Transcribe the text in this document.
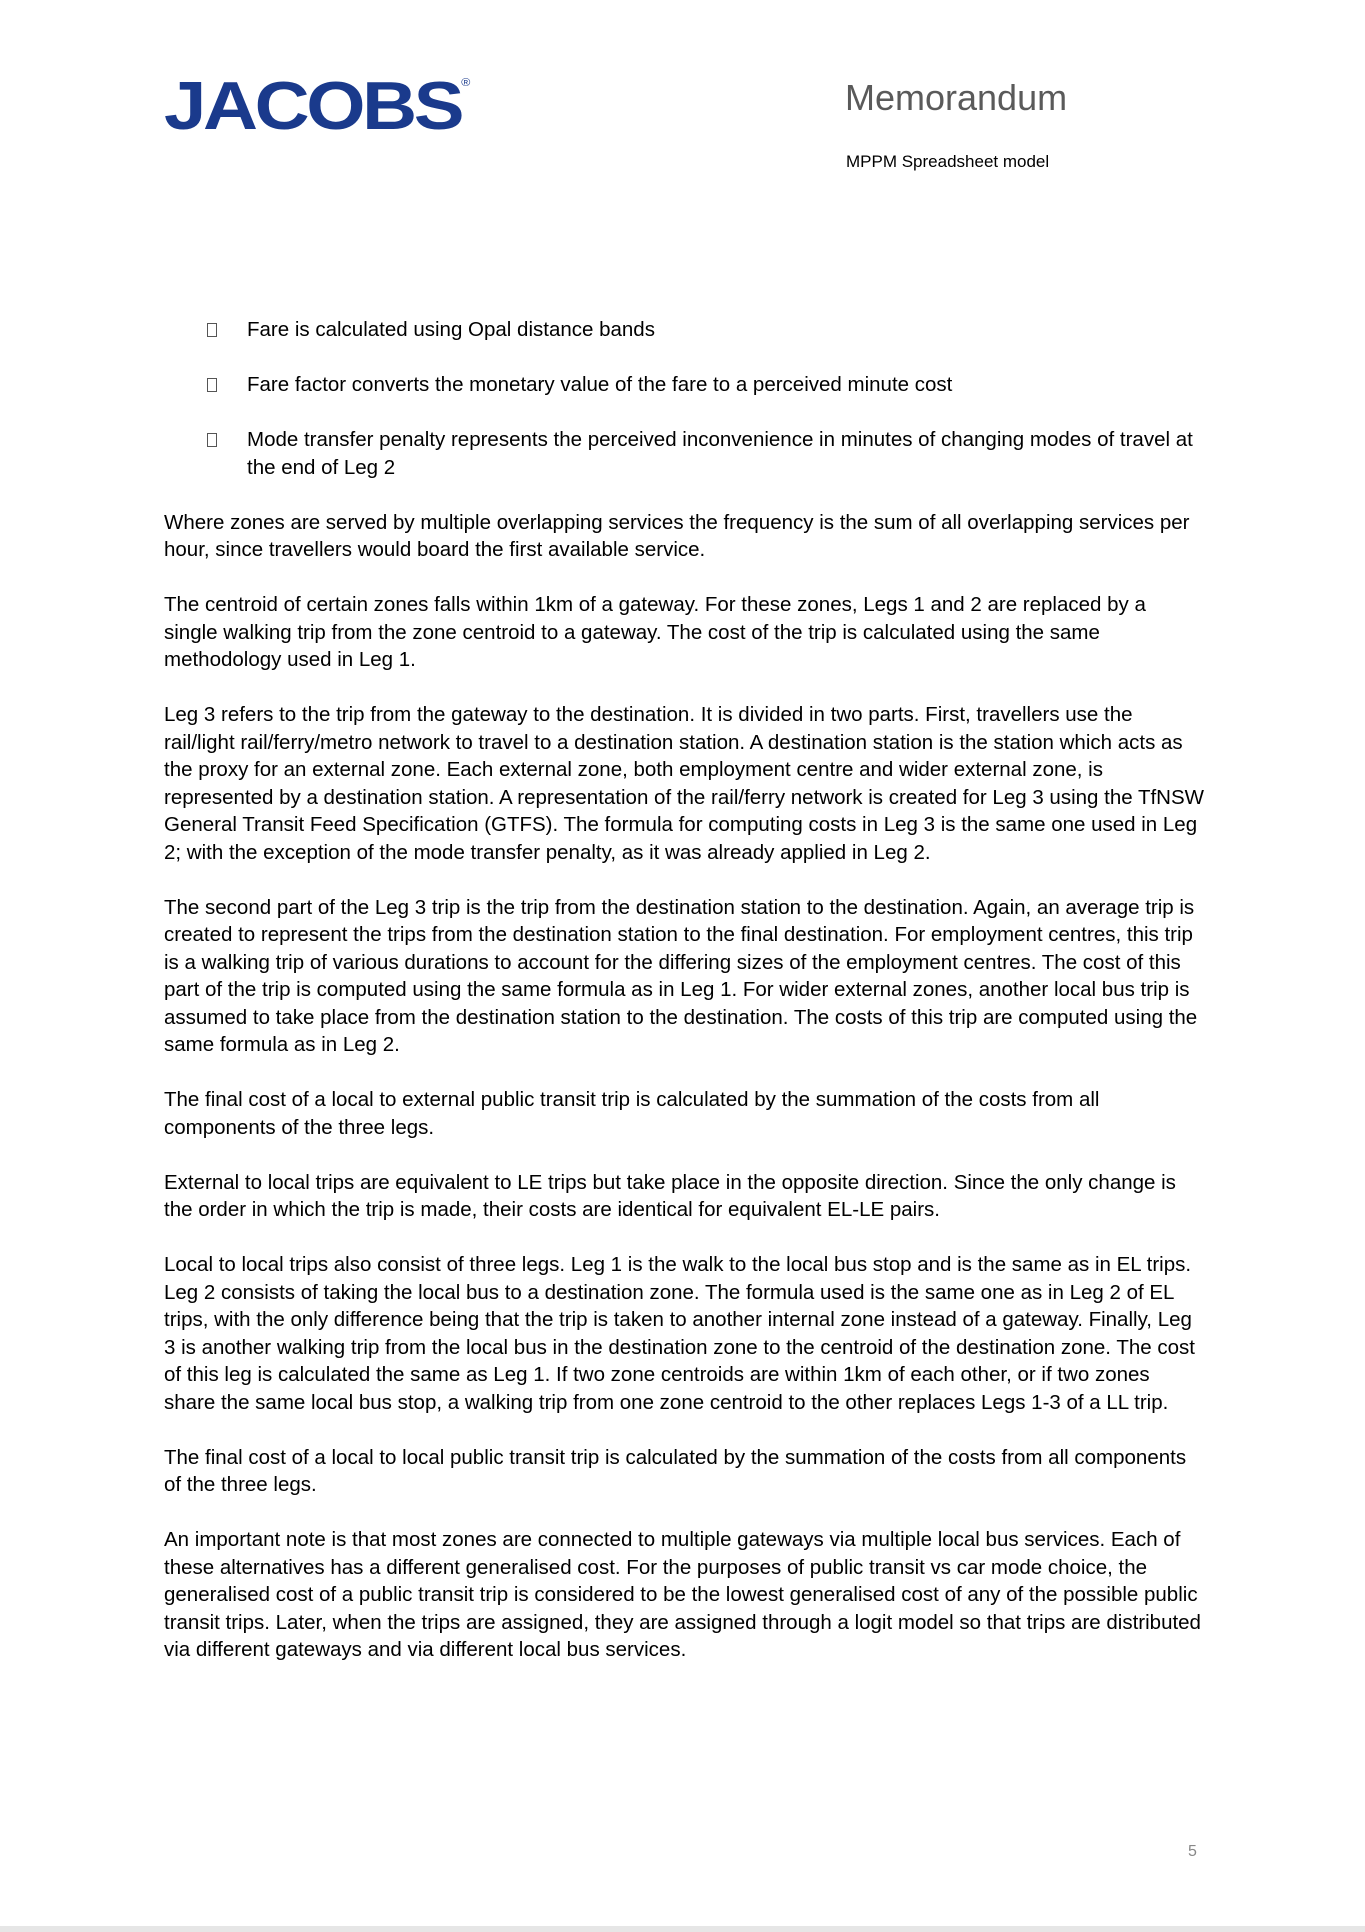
JACOBS®	Memorandum
MPPM Spreadsheet model
Fare is calculated using Opal distance bands
Fare factor converts the monetary value of the fare to a perceived minute cost
Mode transfer penalty represents the perceived inconvenience in minutes of changing modes of travel at the end of Leg 2

Where zones are served by multiple overlapping services the frequency is the sum of all overlapping services per hour, since travellers would board the first available service.

The centroid of certain zones falls within 1km of a gateway. For these zones, Legs 1 and 2 are replaced by a single walking trip from the zone centroid to a gateway. The cost of the trip is calculated using the same methodology used in Leg 1.

Leg 3 refers to the trip from the gateway to the destination. It is divided in two parts. First, travellers use the rail/light rail/ferry/metro network to travel to a destination station. A destination station is the station which acts as the proxy for an external zone. Each external zone, both employment centre and wider external zone, is represented by a destination station. A representation of the rail/ferry network is created for Leg 3 using the TfNSW General Transit Feed Specification (GTFS). The formula for computing costs in Leg 3 is the same one used in Leg 2; with the exception of the mode transfer penalty, as it was already applied in Leg 2.

The second part of the Leg 3 trip is the trip from the destination station to the destination. Again, an average trip is created to represent the trips from the destination station to the final destination. For employment centres, this trip is a walking trip of various durations to account for the differing sizes of the employment centres. The cost of this part of the trip is computed using the same formula as in Leg 1. For wider external zones, another local bus trip is assumed to take place from the destination station to the destination. The costs of this trip are computed using the same formula as in Leg 2.

The final cost of a local to external public transit trip is calculated by the summation of the costs from all components of the three legs.

External to local trips are equivalent to LE trips but take place in the opposite direction. Since the only change is the order in which the trip is made, their costs are identical for equivalent EL-LE pairs.

Local to local trips also consist of three legs. Leg 1 is the walk to the local bus stop and is the same as in EL trips. Leg 2 consists of taking the local bus to a destination zone. The formula used is the same one as in Leg 2 of EL trips, with the only difference being that the trip is taken to another internal zone instead of a gateway. Finally, Leg 3 is another walking trip from the local bus in the destination zone to the centroid of the destination zone. The cost of this leg is calculated the same as Leg 1. If two zone centroids are within 1km of each other, or if two zones share the same local bus stop, a walking trip from one zone centroid to the other replaces Legs 1-3 of a LL trip.

The final cost of a local to local public transit trip is calculated by the summation of the costs from all components of the three legs.

An important note is that most zones are connected to multiple gateways via multiple local bus services. Each of these alternatives has a different generalised cost. For the purposes of public transit vs car mode choice, the generalised cost of a public transit trip is considered to be the lowest generalised cost of any of the possible public transit trips. Later, when the trips are assigned, they are assigned through a logit model so that trips are distributed via different gateways and via different local bus services.

5
